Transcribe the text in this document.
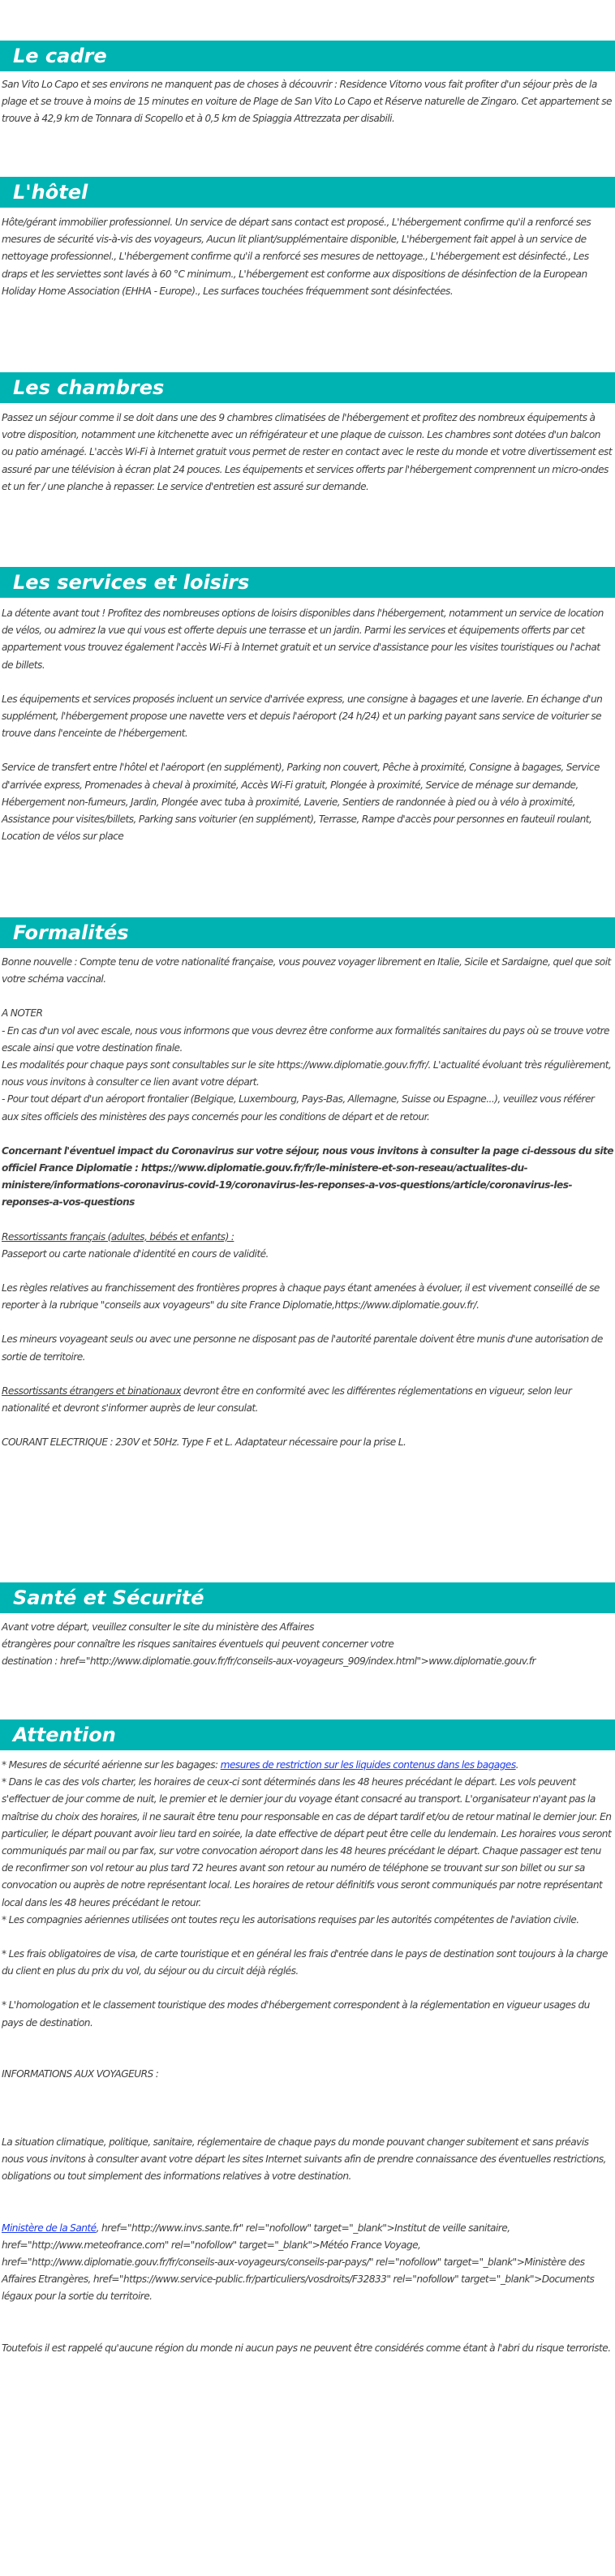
Le cadre

San Vito Lo Capo et ses environs ne manquent pas de choses à découvrir : Residence Vitorno vous fait profiter d'un séjour près de la plage et se trouve à moins de 15 minutes en voiture de Plage de San Vito Lo Capo et Réserve naturelle de Zingaro. Cet appartement se trouve à 42,9 km de Tonnara di Scopello et à 0,5 km de Spiaggia Attrezzata per disabili.

L'hôtel

Hôte/gérant immobilier professionnel. Un service de départ sans contact est proposé., L'hébergement confirme qu'il a renforcé ses mesures de sécurité vis-à-vis des voyageurs, Aucun lit pliant/supplémentaire disponible, L'hébergement fait appel à un service de nettoyage professionnel., L'hébergement confirme qu'il a renforcé ses mesures de nettoyage., L'hébergement est désinfecté., Les draps et les serviettes sont lavés à 60 °C minimum., L'hébergement est conforme aux dispositions de désinfection de la European Holiday Home Association (EHHA - Europe)., Les surfaces touchées fréquemment sont désinfectées.

Les chambres

Passez un séjour comme il se doit dans une des 9 chambres climatisées de l'hébergement et profitez des nombreux équipements à votre disposition, notamment une kitchenette avec un réfrigérateur et une plaque de cuisson. Les chambres sont dotées d'un balcon ou patio aménagé. L'accès Wi-Fi à Internet gratuit vous permet de rester en contact avec le reste du monde et votre divertissement est assuré par une télévision à écran plat 24 pouces. Les équipements et services offerts par l'hébergement comprennent un micro-ondes et un fer / une planche à repasser. Le service d'entretien est assuré sur demande.

Les services et loisirs

La détente avant tout ! Profitez des nombreuses options de loisirs disponibles dans l'hébergement, notamment un service de location de vélos, ou admirez la vue qui vous est offerte depuis une terrasse et un jardin. Parmi les services et équipements offerts par cet appartement vous trouvez également l'accès Wi-Fi à Internet gratuit et un service d'assistance pour les visites touristiques ou l'achat de billets.

Les équipements et services proposés incluent un service d'arrivée express, une consigne à bagages et une laverie. En échange d'un supplément, l'hébergement propose une navette vers et depuis l'aéroport (24 h/24) et un parking payant sans service de voiturier se trouve dans l'enceinte de l'hébergement.

Service de transfert entre l'hôtel et l'aéroport (en supplément), Parking non couvert, Pêche à proximité, Consigne à bagages, Service d'arrivée express, Promenades à cheval à proximité, Accès Wi-Fi gratuit, Plongée à proximité, Service de ménage sur demande, Hébergement non-fumeurs, Jardin, Plongée avec tuba à proximité, Laverie, Sentiers de randonnée à pied ou à vélo à proximité, Assistance pour visites/billets, Parking sans voiturier (en supplément), Terrasse, Rampe d'accès pour personnes en fauteuil roulant, Location de vélos sur place

Formalités

Bonne nouvelle : Compte tenu de votre nationalité française, vous pouvez voyager librement en Italie, Sicile et Sardaigne, quel que soit votre schéma vaccinal.

A NOTER

- En cas d'un vol avec escale, nous vous informons que vous devrez être conforme aux formalités sanitaires du pays où se trouve votre escale ainsi que votre destination finale.

Les modalités pour chaque pays sont consultables sur le site https://www.diplomatie.gouv.fr/fr/. L'actualité évoluant très régulièrement, nous vous invitons à consulter ce lien avant votre départ.

- Pour tout départ d'un aéroport frontalier (Belgique, Luxembourg, Pays-Bas, Allemagne, Suisse ou Espagne...), veuillez vous référer aux sites officiels des ministères des pays concernés pour les conditions de départ et de retour.

Concernant l'éventuel impact du Coronavirus sur votre séjour, nous vous invitons à consulter la page ci-dessous du site officiel France Diplomatie : https://www.diplomatie.gouv.fr/fr/le-ministere-et-son-reseau/actualites-du-ministere/informations-coronavirus-covid-19/coronavirus-les-reponses-a-vos-questions/article/coronavirus-les-reponses-a-vos-questions

Ressortissants français (adultes, bébés et enfants) :

Passeport ou carte nationale d'identité en cours de validité.

Les règles relatives au franchissement des frontières propres à chaque pays étant amenées à évoluer, il est vivement conseillé de se reporter à la rubrique "conseils aux voyageurs" du site France Diplomatie,https://www.diplomatie.gouv.fr/.

Les mineurs voyageant seuls ou avec une personne ne disposant pas de l'autorité parentale doivent être munis d'une autorisation de sortie de territoire.

Ressortissants étrangers et binationaux devront être en conformité avec les différentes réglementations en vigueur, selon leur nationalité et devront s'informer auprès de leur consulat.

COURANT ELECTRIQUE : 230V et 50Hz. Type F et L. Adaptateur nécessaire pour la prise L.

Santé et Sécurité

Avant votre départ, veuillez consulter le site du ministère des Affaires

étrangères pour connaître les risques sanitaires éventuels qui peuvent concerner votre

destination : href="http://www.diplomatie.gouv.fr/fr/conseils-aux-voyageurs_909/index.html">www.diplomatie.gouv.fr

Attention

* Mesures de sécurité aérienne sur les bagages: mesures de restriction sur les liquides contenus dans les bagages.

* Dans le cas des vols charter, les horaires de ceux-ci sont déterminés dans les 48 heures précédant le départ. Les vols peuvent s'effectuer de jour comme de nuit, le premier et le dernier jour du voyage étant consacré au transport. L'organisateur n'ayant pas la maîtrise du choix des horaires, il ne saurait être tenu pour responsable en cas de départ tardif et/ou de retour matinal le dernier jour. En particulier, le départ pouvant avoir lieu tard en soirée, la date effective de départ peut être celle du lendemain. Les horaires vous seront communiqués par mail ou par fax, sur votre convocation aéroport dans les 48 heures précédant le départ. Chaque passager est tenu de reconfirmer son vol retour au plus tard 72 heures avant son retour au numéro de téléphone se trouvant sur son billet ou sur sa convocation ou auprès de notre représentant local. Les horaires de retour définitifs vous seront communiqués par notre représentant local dans les 48 heures précédant le retour.

* Les compagnies aériennes utilisées ont toutes reçu les autorisations requises par les autorités compétentes de l'aviation civile.

* Les frais obligatoires de visa, de carte touristique et en général les frais d'entrée dans le pays de destination sont toujours à la charge du client en plus du prix du vol, du séjour ou du circuit déjà réglés.

* L'homologation et le classement touristique des modes d'hébergement correspondent à la réglementation en vigueur usages du pays de destination.

INFORMATIONS AUX VOYAGEURS :

La situation climatique, politique, sanitaire, réglementaire de chaque pays du monde pouvant changer subitement et sans préavis

nous vous invitons à consulter avant votre départ les sites Internet suivants afin de prendre connaissance des éventuelles restrictions, obligations ou tout simplement des informations relatives à votre destination.

Ministère de la Santé, href="http://www.invs.sante.fr" rel="nofollow" target="_blank">Institut de veille sanitaire, href="http://www.meteofrance.com" rel="nofollow" target="_blank">Météo France Voyage, href="http://www.diplomatie.gouv.fr/fr/conseils-aux-voyageurs/conseils-par-pays/" rel="nofollow" target="_blank">Ministère des Affaires Etrangères, href="https://www.service-public.fr/particuliers/vosdroits/F32833" rel="nofollow" target="_blank">Documents légaux pour la sortie du territoire.

Toutefois il est rappelé qu'aucune région du monde ni aucun pays ne peuvent être considérés comme étant à l'abri du risque terroriste.
